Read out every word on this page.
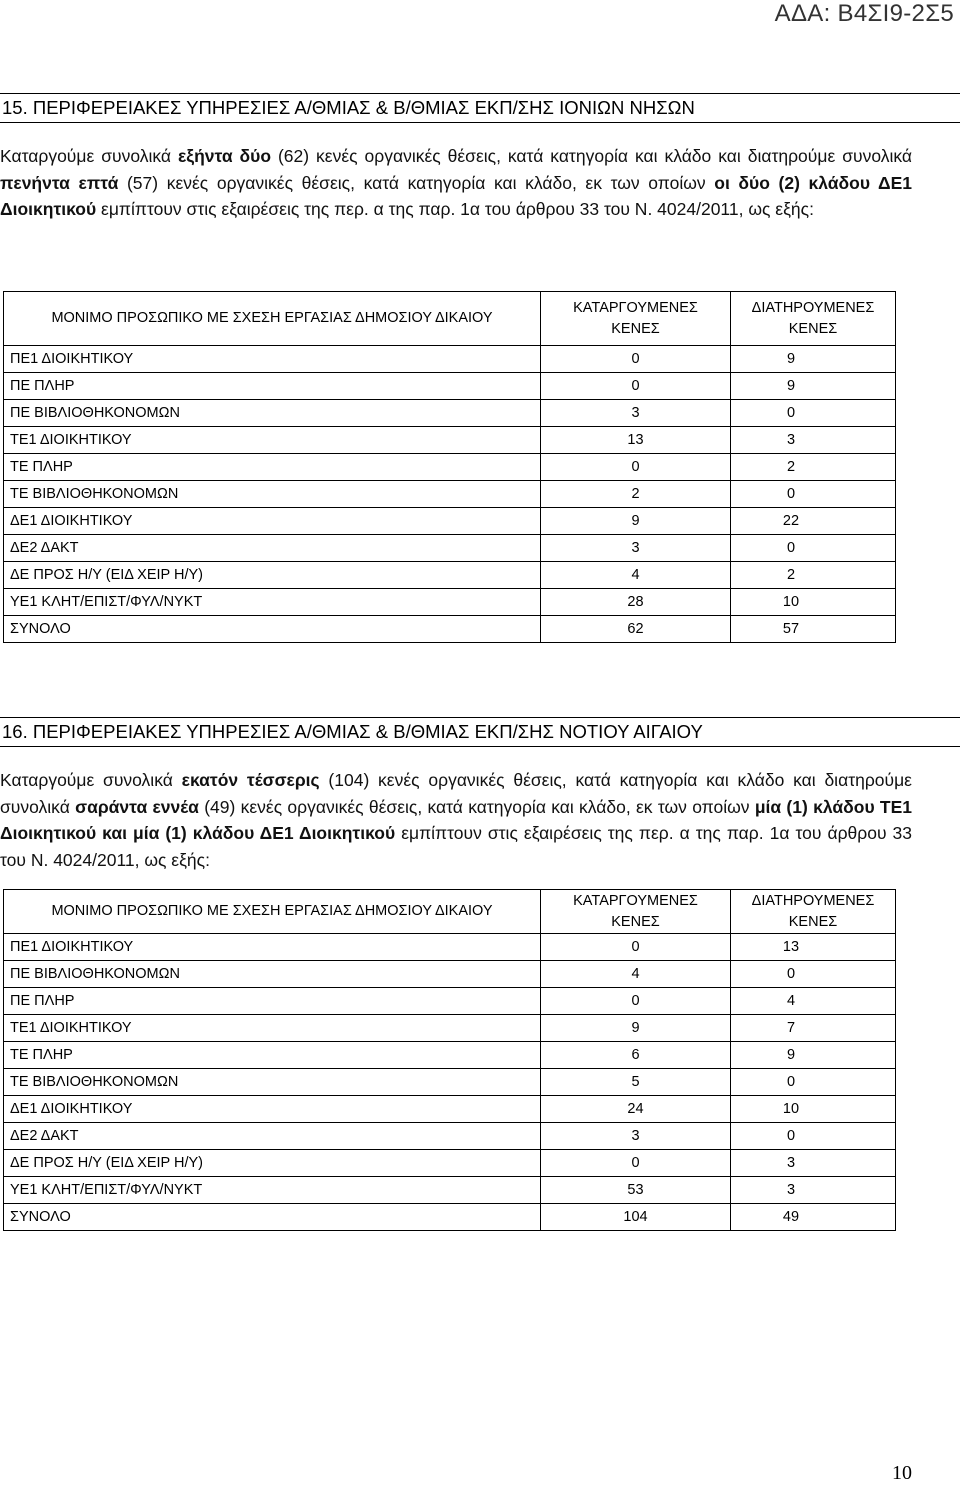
ΑΔΑ: Β4ΣΙ9-2Σ5
15. ΠΕΡΙΦΕΡΕΙΑΚΕΣ ΥΠΗΡΕΣΙΕΣ Α/ΘΜΙΑΣ & Β/ΘΜΙΑΣ ΕΚΠ/ΣΗΣ ΙΟΝΙΩΝ ΝΗΣΩΝ
Καταργούμε συνολικά εξήντα δύο (62) κενές οργανικές θέσεις, κατά κατηγορία και κλάδο και διατηρούμε συνολικά πενήντα επτά (57) κενές οργανικές θέσεις, κατά κατηγορία και κλάδο, εκ των οποίων οι δύο (2) κλάδου ΔΕ1 Διοικητικού εμπίπτουν στις εξαιρέσεις της περ. α της παρ. 1α του άρθρου 33 του Ν. 4024/2011, ως εξής:
ΜΟΝΙΜΟ ΠΡΟΣΩΠΙΚΟ ΜΕ ΣΧΕΣΗ ΕΡΓΑΣΙΑΣ ΔΗΜΟΣΙΟΥ ΔΙΚΑΙΟΥ	ΚΑΤΑΡΓΟΥΜΕΝΕΣ ΚΕΝΕΣ	ΔΙΑΤΗΡΟΥΜΕΝΕΣ ΚΕΝΕΣ
ΠΕ1 ΔΙΟΙΚΗΤΙΚΟΥ	0	9
ΠΕ ΠΛΗΡ	0	9
ΠΕ ΒΙΒΛΙΟΘΗΚΟΝΟΜΩΝ	3	0
ΤΕ1 ΔΙΟΙΚΗΤΙΚΟΥ	13	3
ΤΕ ΠΛΗΡ	0	2
ΤΕ ΒΙΒΛΙΟΘΗΚΟΝΟΜΩΝ	2	0
ΔΕ1 ΔΙΟΙΚΗΤΙΚΟΥ	9	22
ΔΕ2 ΔΑΚΤ	3	0
ΔΕ ΠΡΟΣ Η/Υ (ΕΙΔ ΧΕΙΡ Η/Υ)	4	2
ΥΕ1 ΚΛΗΤ/ΕΠΙΣΤ/ΦΥΛ/ΝΥΚΤ	28	10
ΣΥΝΟΛΟ	62	57
16. ΠΕΡΙΦΕΡΕΙΑΚΕΣ ΥΠΗΡΕΣΙΕΣ Α/ΘΜΙΑΣ & Β/ΘΜΙΑΣ ΕΚΠ/ΣΗΣ ΝΟΤΙΟΥ ΑΙΓΑΙΟΥ
Καταργούμε συνολικά εκατόν τέσσερις (104) κενές οργανικές θέσεις, κατά κατηγορία και κλάδο και διατηρούμε συνολικά σαράντα εννέα (49) κενές οργανικές θέσεις, κατά κατηγορία και κλάδο, εκ των οποίων μία (1) κλάδου ΤΕ1 Διοικητικού και μία (1) κλάδου ΔΕ1 Διοικητικού εμπίπτουν στις εξαιρέσεις της περ. α της παρ. 1α του άρθρου 33 του Ν. 4024/2011, ως εξής:
ΜΟΝΙΜΟ ΠΡΟΣΩΠΙΚΟ ΜΕ ΣΧΕΣΗ ΕΡΓΑΣΙΑΣ ΔΗΜΟΣΙΟΥ ΔΙΚΑΙΟΥ	ΚΑΤΑΡΓΟΥΜΕΝΕΣ ΚΕΝΕΣ	ΔΙΑΤΗΡΟΥΜΕΝΕΣ ΚΕΝΕΣ
ΠΕ1 ΔΙΟΙΚΗΤΙΚΟΥ	0	13
ΠΕ ΒΙΒΛΙΟΘΗΚΟΝΟΜΩΝ	4	0
ΠΕ ΠΛΗΡ	0	4
ΤΕ1 ΔΙΟΙΚΗΤΙΚΟΥ	9	7
ΤΕ ΠΛΗΡ	6	9
ΤΕ ΒΙΒΛΙΟΘΗΚΟΝΟΜΩΝ	5	0
ΔΕ1 ΔΙΟΙΚΗΤΙΚΟΥ	24	10
ΔΕ2 ΔΑΚΤ	3	0
ΔΕ ΠΡΟΣ Η/Υ (ΕΙΔ ΧΕΙΡ Η/Υ)	0	3
ΥΕ1 ΚΛΗΤ/ΕΠΙΣΤ/ΦΥΛ/ΝΥΚΤ	53	3
ΣΥΝΟΛΟ	104	49
10
